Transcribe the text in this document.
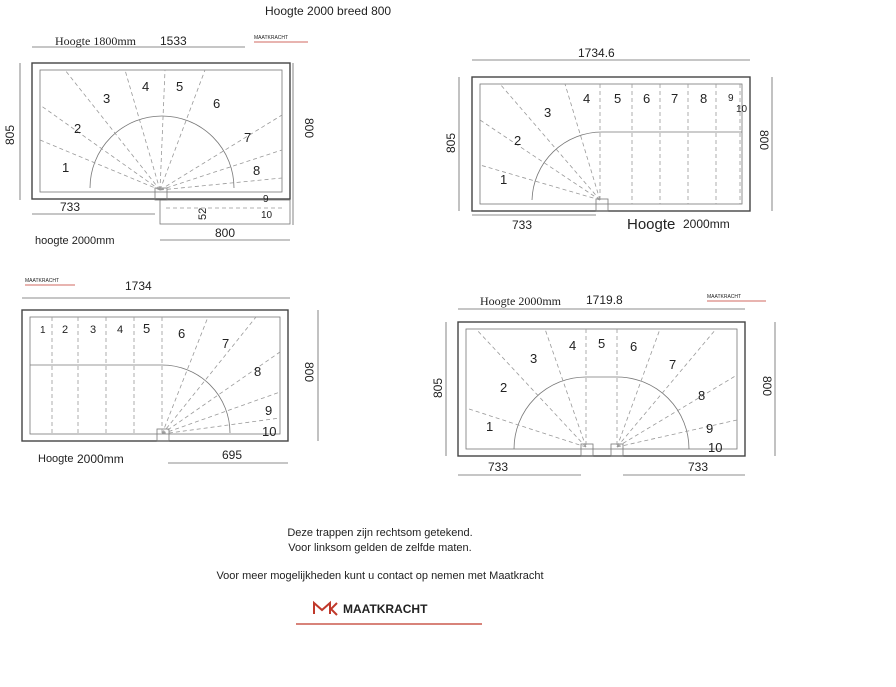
Hoogte 2000 breed 800
Hoogte 1800mm 1533	MAATKRACHT
805	800
1
2
3
4 5
6
7
8
9
10
733	52
800
hoogte 2000mm
1734.6
805	800
1
2
3
4 5 6 7 8 9
10
733	Hoogte 2000mm
MAATKRACHT	1734
800
1 2 3 4 5 6
7
8
9
10
Hoogte 2000mm	695
MAATKRACHT
Hoogte 2000mm 1719.8
805	800
1
2
3
4 5 6
7
8
9
10
733	733
MAATKRACHT
Deze trappen zijn rechtsom getekend.
Voor linksom gelden de zelfde maten.
Voor meer mogelijkheden kunt u contact op nemen met Maatkracht
